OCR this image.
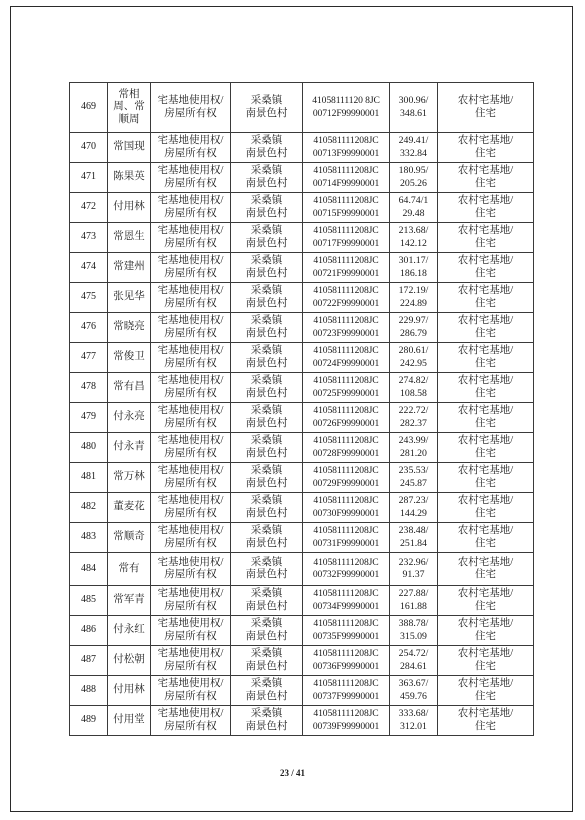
469	常相周、常顺周	宅基地使用权/
房屋所有权	采桑镇
南景色村	41058111120 8JC
00712F99990001	300.96/
348.61	农村宅基地/
住宅

470	常国现	宅基地使用权/
房屋所有权	采桑镇
南景色村	410581111208JC
00713F99990001	249.41/
332.84	农村宅基地/
住宅

471	陈果英	宅基地使用权/
房屋所有权	采桑镇
南景色村	410581111208JC
00714F99990001	180.95/
205.26	农村宅基地/
住宅

472	付用林	宅基地使用权/
房屋所有权	采桑镇
南景色村	410581111208JC
00715F99990001	64.74/1
29.48	农村宅基地/
住宅

473	常恩生	宅基地使用权/
房屋所有权	采桑镇
南景色村	410581111208JC
00717F99990001	213.68/
142.12	农村宅基地/
住宅

474	常建州	宅基地使用权/
房屋所有权	采桑镇
南景色村	410581111208JC
00721F99990001	301.17/
186.18	农村宅基地/
住宅

475	张见华	宅基地使用权/
房屋所有权	采桑镇
南景色村	410581111208JC
00722F99990001	172.19/
224.89	农村宅基地/
住宅

476	常晓亮	宅基地使用权/
房屋所有权	采桑镇
南景色村	410581111208JC
00723F99990001	229.97/
286.79	农村宅基地/
住宅

477	常俊卫	宅基地使用权/
房屋所有权	采桑镇
南景色村	410581111208JC
00724F99990001	280.61/
242.95	农村宅基地/
住宅

478	常有昌	宅基地使用权/
房屋所有权	采桑镇
南景色村	410581111208JC
00725F99990001	274.82/
108.58	农村宅基地/
住宅

479	付永亮	宅基地使用权/
房屋所有权	采桑镇
南景色村	410581111208JC
00726F99990001	222.72/
282.37	农村宅基地/
住宅

480	付永青	宅基地使用权/
房屋所有权	采桑镇
南景色村	410581111208JC
00728F99990001	243.99/
281.20	农村宅基地/
住宅

481	常万林	宅基地使用权/
房屋所有权	采桑镇
南景色村	410581111208JC
00729F99990001	235.53/
245.87	农村宅基地/
住宅

482	董麦花	宅基地使用权/
房屋所有权	采桑镇
南景色村	410581111208JC
00730F99990001	287.23/
144.29	农村宅基地/
住宅

483	常顺奇	宅基地使用权/
房屋所有权	采桑镇
南景色村	410581111208JC
00731F99990001	238.48/
251.84	农村宅基地/
住宅

484	常有	宅基地使用权/
房屋所有权	采桑镇
南景色村	410581111208JC
00732F99990001	232.96/
91.37	农村宅基地/
住宅

485	常军青	宅基地使用权/
房屋所有权	采桑镇
南景色村	410581111208JC
00734F99990001	227.88/
161.88	农村宅基地/
住宅

486	付永红	宅基地使用权/
房屋所有权	采桑镇
南景色村	410581111208JC
00735F99990001	388.78/
315.09	农村宅基地/
住宅

487	付松朝	宅基地使用权/
房屋所有权	采桑镇
南景色村	410581111208JC
00736F99990001	254.72/
284.61	农村宅基地/
住宅

488	付用林	宅基地使用权/
房屋所有权	采桑镇
南景色村	410581111208JC
00737F99990001	363.67/
459.76	农村宅基地/
住宅

489	付用堂	宅基地使用权/
房屋所有权	采桑镇
南景色村	410581111208JC
00739F99990001	333.68/
312.01	农村宅基地/
住宅
23 / 41
